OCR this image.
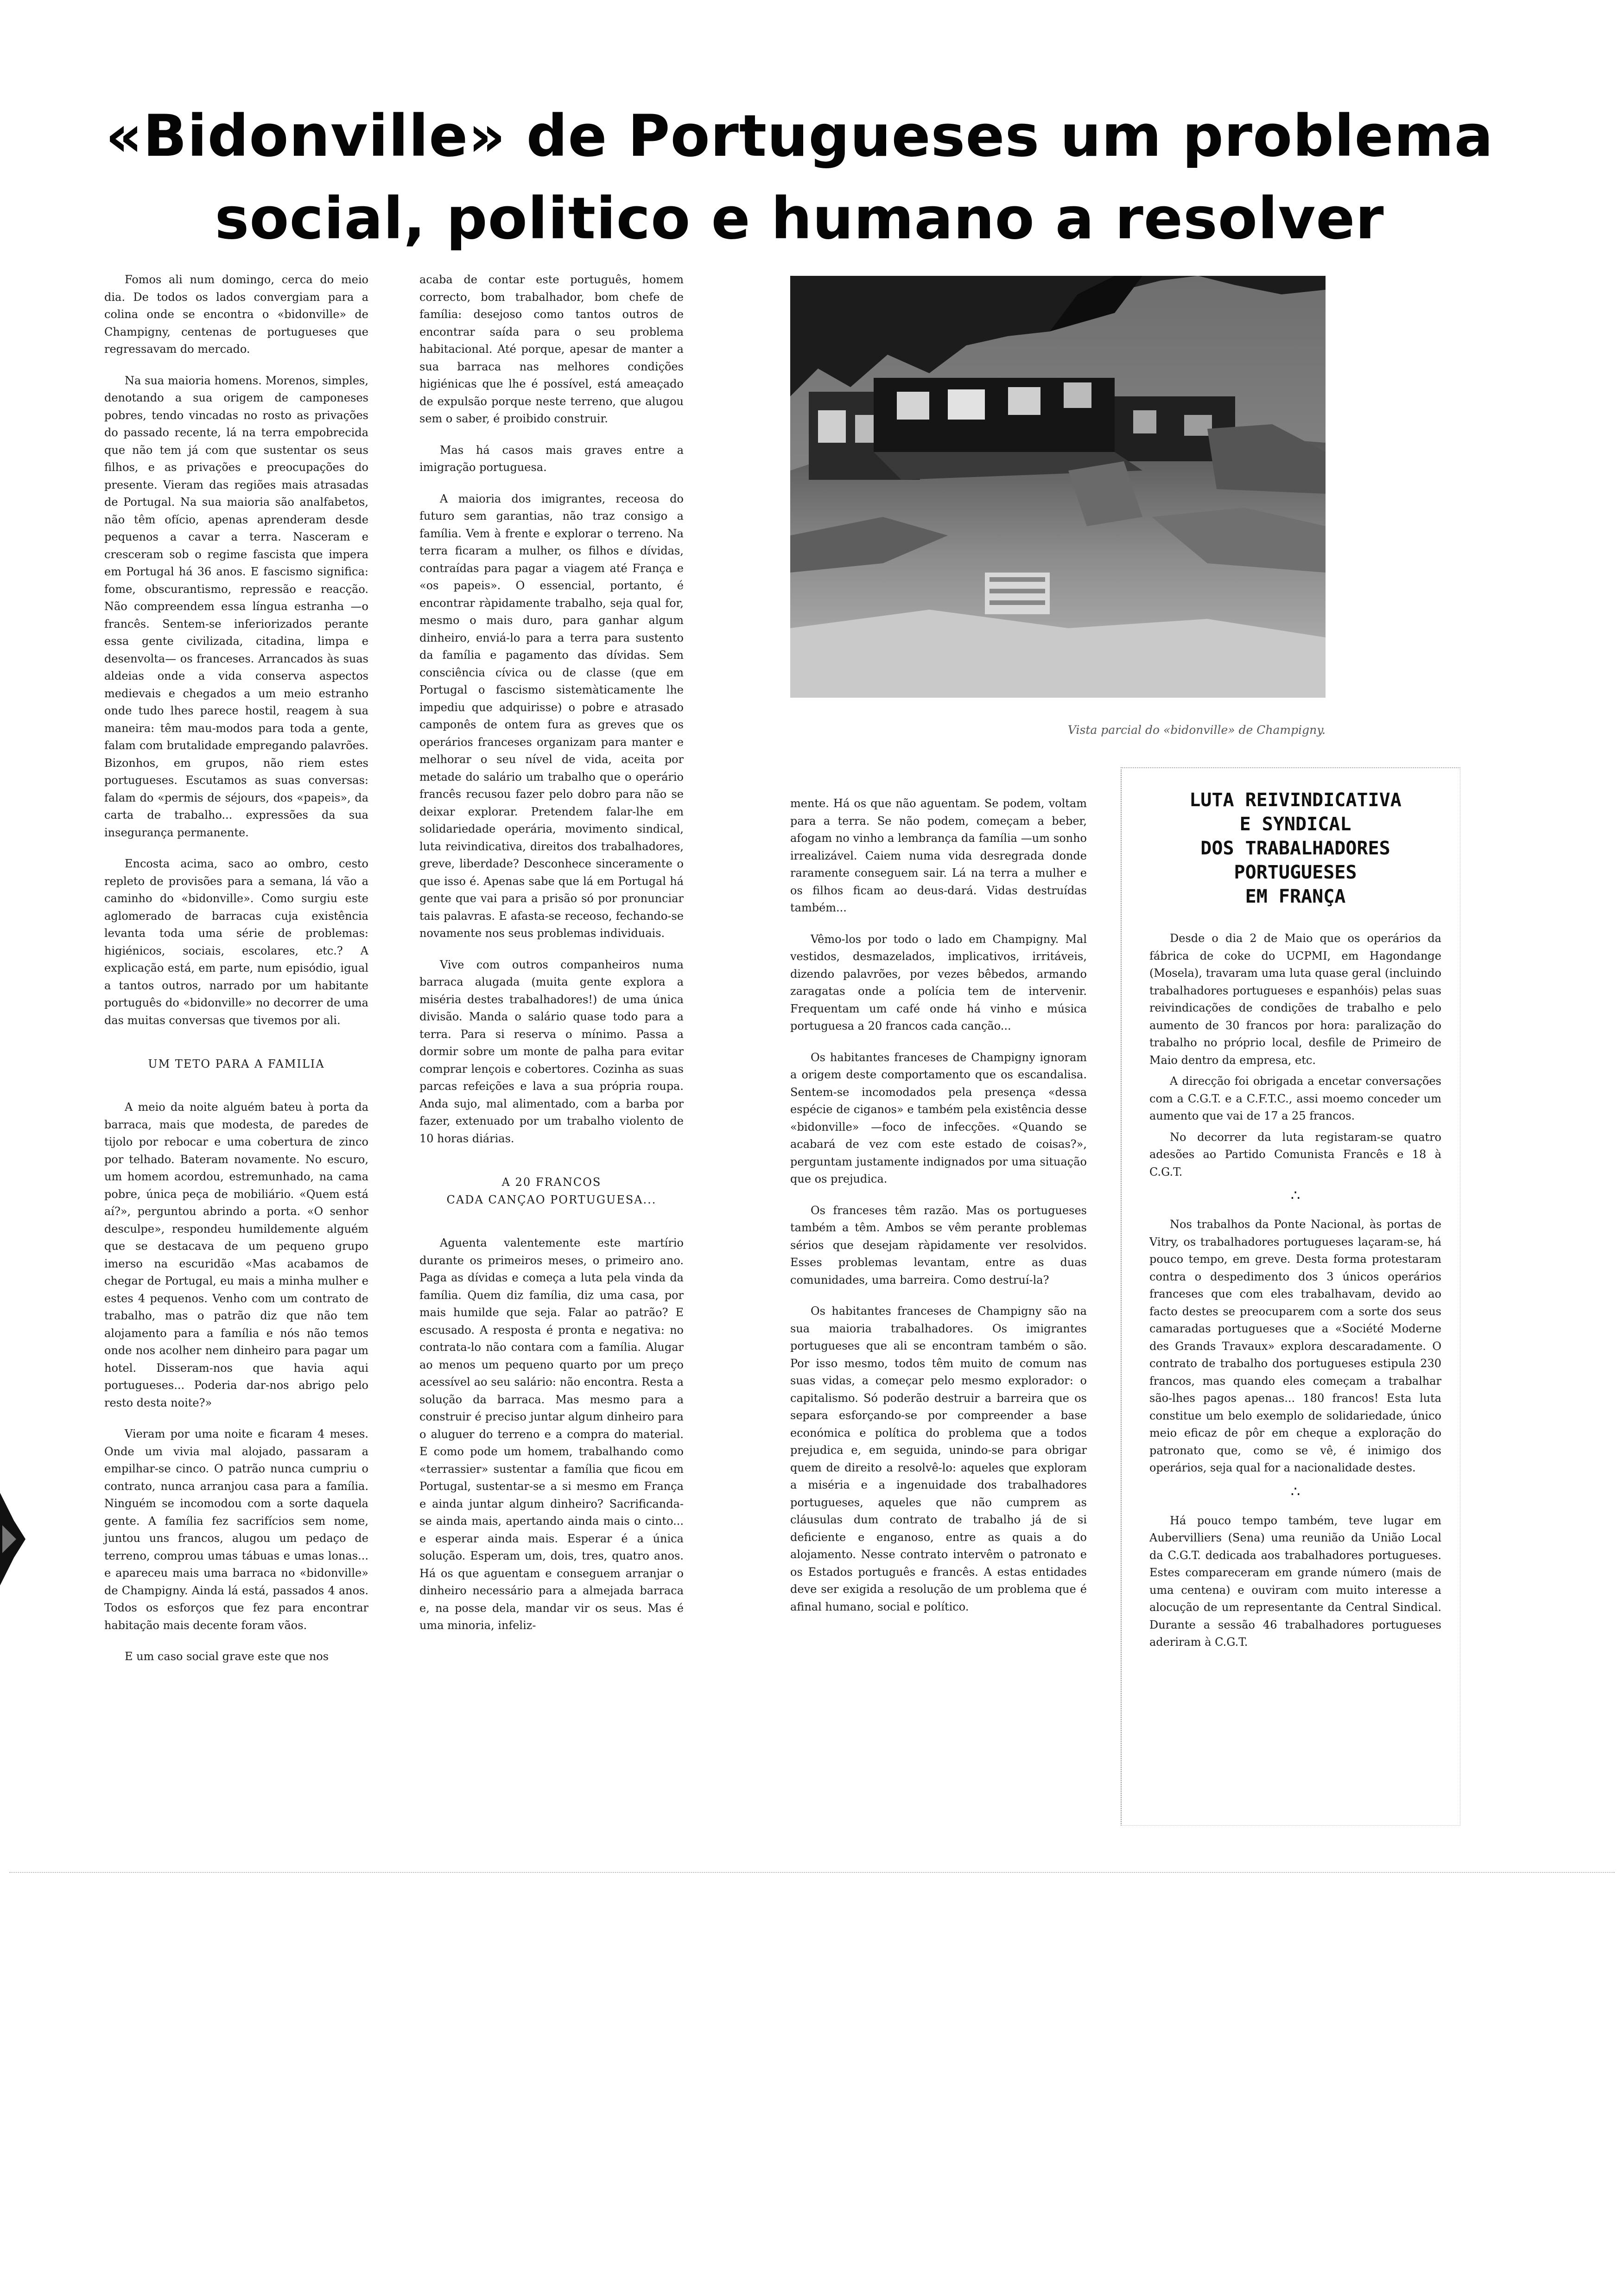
«Bidonville» de Portugueses um problema
social, politico e humano a resolver

Fomos ali num domingo, cerca do meio dia. De todos os lados convergiam para a colina onde se encontra o «bidonville» de Champigny, centenas de portugueses que regressavam do mercado.

Na sua maioria homens. Morenos, simples, denotando a sua origem de camponeses pobres, tendo vincadas no rosto as privações do passado recente, lá na terra empobrecida que não tem já com que sustentar os seus filhos, e as privações e preocupações do presente. Vieram das regiões mais atrasadas de Portugal. Na sua maioria são analfabetos, não têm ofício, apenas aprenderam desde pequenos a cavar a terra. Nasceram e cresceram sob o regime fascista que impera em Portugal há 36 anos. E fascismo significa: fome, obscurantismo, repressão e reacção. Não compreendem essa língua estranha —o francês. Sentem-se inferiorizados perante essa gente civilizada, citadina, limpa e desenvolta— os franceses. Arrancados às suas aldeias onde a vida conserva aspectos medievais e chegados a um meio estranho onde tudo lhes parece hostil, reagem à sua maneira: têm mau-modos para toda a gente, falam com brutalidade empregando palavrões. Bizonhos, em grupos, não riem estes portugueses. Escutamos as suas conversas: falam do «permis de séjours, dos «papeis», da carta de trabalho... expressões da sua insegurança permanente.

Encosta acima, saco ao ombro, cesto repleto de provisões para a semana, lá vão a caminho do «bidonville». Como surgiu este aglomerado de barracas cuja existência levanta toda uma série de problemas: higiénicos, sociais, escolares, etc.? A explicação está, em parte, num episódio, igual a tantos outros, narrado por um habitante português do «bidonville» no decorrer de uma das muitas conversas que tivemos por ali.

UM TETO PARA A FAMILIA

A meio da noite alguém bateu à porta da barraca, mais que modesta, de paredes de tijolo por rebocar e uma cobertura de zinco por telhado. Bateram novamente. No escuro, um homem acordou, estremunhado, na cama pobre, única peça de mobiliário. «Quem está aí?», perguntou abrindo a porta. «O senhor desculpe», respondeu humildemente alguém que se destacava de um pequeno grupo imerso na escuridão «Mas acabamos de chegar de Portugal, eu mais a minha mulher e estes 4 pequenos. Venho com um contrato de trabalho, mas o patrão diz que não tem alojamento para a família e nós não temos onde nos acolher nem dinheiro para pagar um hotel. Disseram-nos que havia aqui portugueses... Poderia dar-nos abrigo pelo resto desta noite?»

Vieram por uma noite e ficaram 4 meses. Onde um vivia mal alojado, passaram a empilhar-se cinco. O patrão nunca cumpriu o contrato, nunca arranjou casa para a família. Ninguém se incomodou com a sorte daquela gente. A família fez sacrifícios sem nome, juntou uns francos, alugou um pedaço de terreno, comprou umas tábuas e umas lonas... e apareceu mais uma barraca no «bidonville» de Champigny. Ainda lá está, passados 4 anos. Todos os esforços que fez para encontrar habitação mais decente foram vãos.

E um caso social grave este que nos

acaba de contar este português, homem correcto, bom trabalhador, bom chefe de família: desejoso como tantos outros de encontrar saída para o seu problema habitacional. Até porque, apesar de manter a sua barraca nas melhores condições higiénicas que lhe é possível, está ameaçado de expulsão porque neste terreno, que alugou sem o saber, é proibido construir.

Mas há casos mais graves entre a imigração portuguesa.

A maioria dos imigrantes, receosa do futuro sem garantias, não traz consigo a família. Vem à frente e explorar o terreno. Na terra ficaram a mulher, os filhos e dívidas, contraídas para pagar a viagem até França e «os papeis». O essencial, portanto, é encontrar ràpidamente trabalho, seja qual for, mesmo o mais duro, para ganhar algum dinheiro, enviá-lo para a terra para sustento da família e pagamento das dívidas. Sem consciência cívica ou de classe (que em Portugal o fascismo sistemàticamente lhe impediu que adquirisse) o pobre e atrasado camponês de ontem fura as greves que os operários franceses organizam para manter e melhorar o seu nível de vida, aceita por metade do salário um trabalho que o operário francês recusou fazer pelo dobro para não se deixar explorar. Pretendem falar-lhe em solidariedade operária, movimento sindical, luta reivindicativa, direitos dos trabalhadores, greve, liberdade? Desconhece sinceramente o que isso é. Apenas sabe que lá em Portugal há gente que vai para a prisão só por pronunciar tais palavras. E afasta-se receoso, fechando-se novamente nos seus problemas individuais.

Vive com outros companheiros numa barraca alugada (muita gente explora a miséria destes trabalhadores!) de uma única divisão. Manda o salário quase todo para a terra. Para si reserva o mínimo. Passa a dormir sobre um monte de palha para evitar comprar lençois e cobertores. Cozinha as suas parcas refeições e lava a sua própria roupa. Anda sujo, mal alimentado, com a barba por fazer, extenuado por um trabalho violento de 10 horas diárias.

A 20 FRANCOS
CADA CANÇAO PORTUGUESA...

Aguenta valentemente este martírio durante os primeiros meses, o primeiro ano. Paga as dívidas e começa a luta pela vinda da família. Quem diz família, diz uma casa, por mais humilde que seja. Falar ao patrão? E escusado. A resposta é pronta e negativa: no contrata-lo não contara com a família. Alugar ao menos um pequeno quarto por um preço acessível ao seu salário: não encontra. Resta a solução da barraca. Mas mesmo para a construir é preciso juntar algum dinheiro para o aluguer do terreno e a compra do material. E como pode um homem, trabalhando como «terrassier» sustentar a família que ficou em Portugal, sustentar-se a si mesmo em França e ainda juntar algum dinheiro? Sacrificanda-se ainda mais, apertando ainda mais o cinto... e esperar ainda mais. Esperar é a única solução. Esperam um, dois, tres, quatro anos. Há os que aguentam e conseguem arranjar o dinheiro necessário para a almejada barraca e, na posse dela, mandar vir os seus. Mas é uma minoria, infeliz-

Vista parcial do «bidonville» de Champigny.

mente. Há os que não aguentam. Se podem, voltam para a terra. Se não podem, começam a beber, afogam no vinho a lembrança da família —um sonho irrealizável. Caiem numa vida desregrada donde raramente conseguem sair. Lá na terra a mulher e os filhos ficam ao deus-dará. Vidas destruídas também...

Vêmo-los por todo o lado em Champigny. Mal vestidos, desmazelados, implicativos, irritáveis, dizendo palavrões, por vezes bêbedos, armando zaragatas onde a polícia tem de intervenir. Frequentam um café onde há vinho e música portuguesa a 20 francos cada canção...

Os habitantes franceses de Champigny ignoram a origem deste comportamento que os escandalisa. Sentem-se incomodados pela presença «dessa espécie de ciganos» e também pela existência desse «bidonville» —foco de infecções. «Quando se acabará de vez com este estado de coisas?», perguntam justamente indignados por uma situação que os prejudica.

Os franceses têm razão. Mas os portugueses também a têm. Ambos se vêm perante problemas sérios que desejam ràpidamente ver resolvidos. Esses problemas levantam, entre as duas comunidades, uma barreira. Como destruí-la?

Os habitantes franceses de Champigny são na sua maioria trabalhadores. Os imigrantes portugueses que ali se encontram também o são. Por isso mesmo, todos têm muito de comum nas suas vidas, a começar pelo mesmo explorador: o capitalismo. Só poderão destruir a barreira que os separa esforçando-se por compreender a base económica e política do problema que a todos prejudica e, em seguida, unindo-se para obrigar quem de direito a resolvê-lo: aqueles que exploram a miséria e a ingenuidade dos trabalhadores portugueses, aqueles que não cumprem as cláusulas dum contrato de trabalho já de si deficiente e enganoso, entre as quais a do alojamento. Nesse contrato intervêm o patronato e os Estados português e francês. A estas entidades deve ser exigida a resolução de um problema que é afinal humano, social e político.

LUTA REIVINDICATIVA
E SYNDICAL
DOS TRABALHADORES
PORTUGUESES
EM FRANÇA

Desde o dia 2 de Maio que os operários da fábrica de coke do UCPMI, em Hagondange (Mosela), travaram uma luta quase geral (incluindo trabalhadores portugueses e espanhóis) pelas suas reivindicações de condições de trabalho e pelo aumento de 30 francos por hora: paralização do trabalho no próprio local, desfile de Primeiro de Maio dentro da empresa, etc.

A direcção foi obrigada a encetar conversações com a C.G.T. e a C.F.T.C., assi moemo conceder um aumento que vai de 17 a 25 francos.

No decorrer da luta registaram-se quatro adesões ao Partido Comunista Francês e 18 à C.G.T.

∴

Nos trabalhos da Ponte Nacional, às portas de Vitry, os trabalhadores portugueses laçaram-se, há pouco tempo, em greve. Desta forma protestaram contra o despedimento dos 3 únicos operários franceses que com eles trabalhavam, devido ao facto destes se preocuparem com a sorte dos seus camaradas portugueses que a «Société Moderne des Grands Travaux» explora descaradamente. O contrato de trabalho dos portugueses estipula 230 francos, mas quando eles começam a trabalhar são-lhes pagos apenas... 180 francos! Esta luta constitue um belo exemplo de solidariedade, único meio eficaz de pôr em cheque a exploração do patronato que, como se vê, é inimigo dos operários, seja qual for a nacionalidade destes.

∴

Há pouco tempo também, teve lugar em Aubervilliers (Sena) uma reunião da União Local da C.G.T. dedicada aos trabalhadores portugueses. Estes compareceram em grande número (mais de uma centena) e ouviram com muito interesse a alocução de um representante da Central Sindical. Durante a sessão 46 trabalhadores portugueses aderiram à C.G.T.
